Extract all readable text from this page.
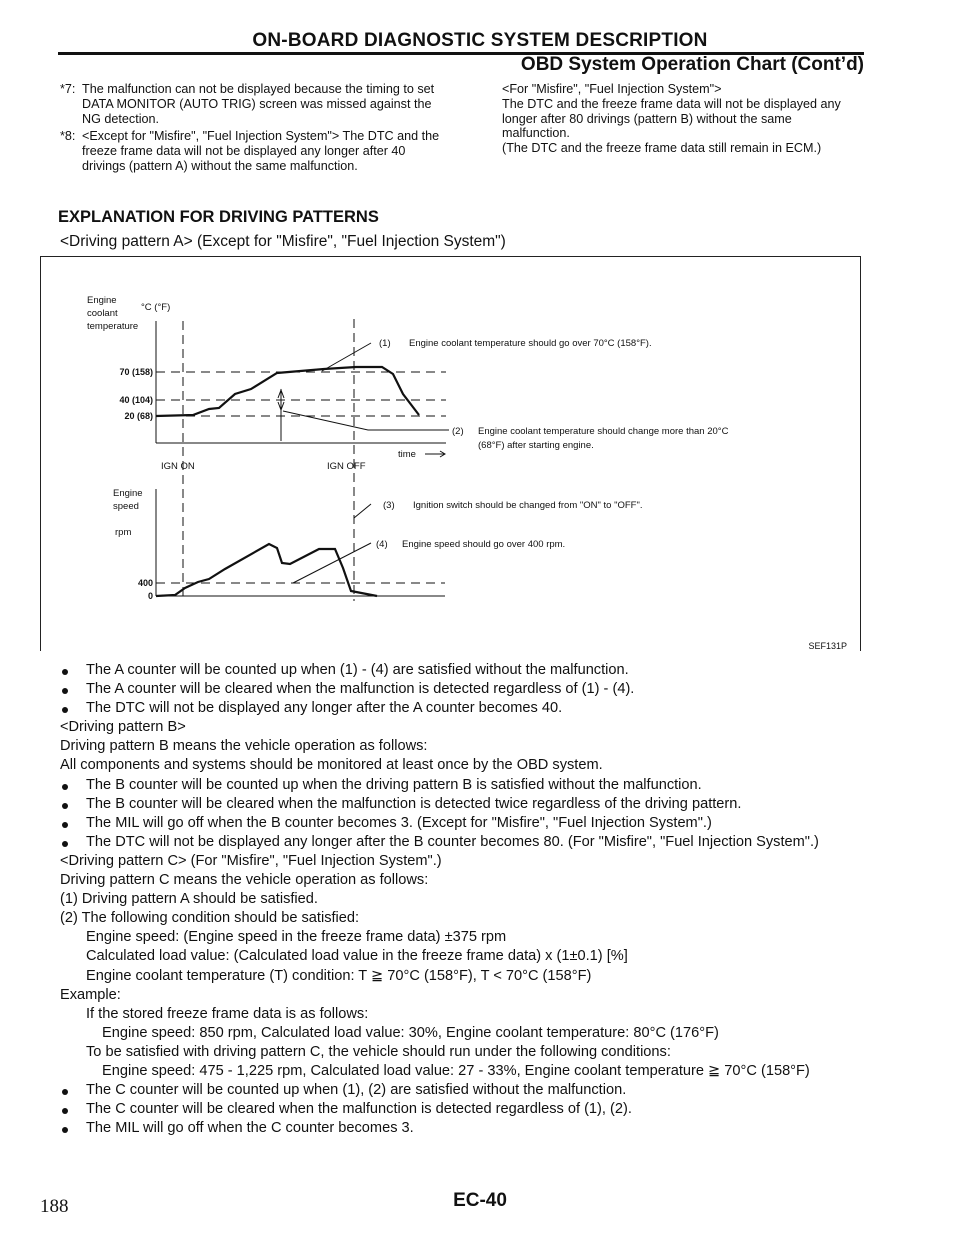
ON-BOARD DIAGNOSTIC SYSTEM DESCRIPTION
OBD System Operation Chart (Cont’d)
*7: The malfunction can not be displayed because the timing to set DATA MONITOR (AUTO TRIG) screen was missed against the NG detection.
*8: <Except for "Misfire", "Fuel Injection System"> The DTC and the freeze frame data will not be displayed any longer after 40 drivings (pattern A) without the same malfunction.
<For "Misfire", "Fuel Injection System">
The DTC and the freeze frame data will not be displayed any longer after 80 drivings (pattern B) without the same malfunction.
(The DTC and the freeze frame data still remain in ECM.)
EXPLANATION FOR DRIVING PATTERNS
<Driving pattern A> (Except for "Misfire", "Fuel Injection System")
Engine
coolant
temperature
°C (°F)
70 (158)
40 (104)
20 (68)
(1) Engine coolant temperature should go over 70°C (158°F).
(2) Engine coolant temperature should change more than 20°C
(68°F) after starting engine.
time
IGN ON	IGN OFF
Engine
speed
rpm
400
0
(3) Ignition switch should be changed from "ON" to "OFF".
(4) Engine speed should go over 400 rpm.
SEF131P
The A counter will be counted up when (1) - (4) are satisfied without the malfunction.
The A counter will be cleared when the malfunction is detected regardless of (1) - (4).
The DTC will not be displayed any longer after the A counter becomes 40.
<Driving pattern B>
Driving pattern B means the vehicle operation as follows:
All components and systems should be monitored at least once by the OBD system.
The B counter will be counted up when the driving pattern B is satisfied without the malfunction.
The B counter will be cleared when the malfunction is detected twice regardless of the driving pattern.
The MIL will go off when the B counter becomes 3. (Except for "Misfire", "Fuel Injection System".)
The DTC will not be displayed any longer after the B counter becomes 80. (For "Misfire", "Fuel Injection System".)
<Driving pattern C> (For "Misfire", "Fuel Injection System".)
Driving pattern C means the vehicle operation as follows:
(1) Driving pattern A should be satisfied.
(2) The following condition should be satisfied:
Engine speed: (Engine speed in the freeze frame data) ±375 rpm
Calculated load value: (Calculated load value in the freeze frame data) x (1±0.1) [%]
Engine coolant temperature (T) condition: T ≧ 70°C (158°F), T < 70°C (158°F)
Example:
If the stored freeze frame data is as follows:
Engine speed: 850 rpm, Calculated load value: 30%, Engine coolant temperature: 80°C (176°F)
To be satisfied with driving pattern C, the vehicle should run under the following conditions:
Engine speed: 475 - 1,225 rpm, Calculated load value: 27 - 33%, Engine coolant temperature ≧ 70°C (158°F)
The C counter will be counted up when (1), (2) are satisfied without the malfunction.
The C counter will be cleared when the malfunction is detected regardless of (1), (2).
The MIL will go off when the C counter becomes 3.
188	EC-40
